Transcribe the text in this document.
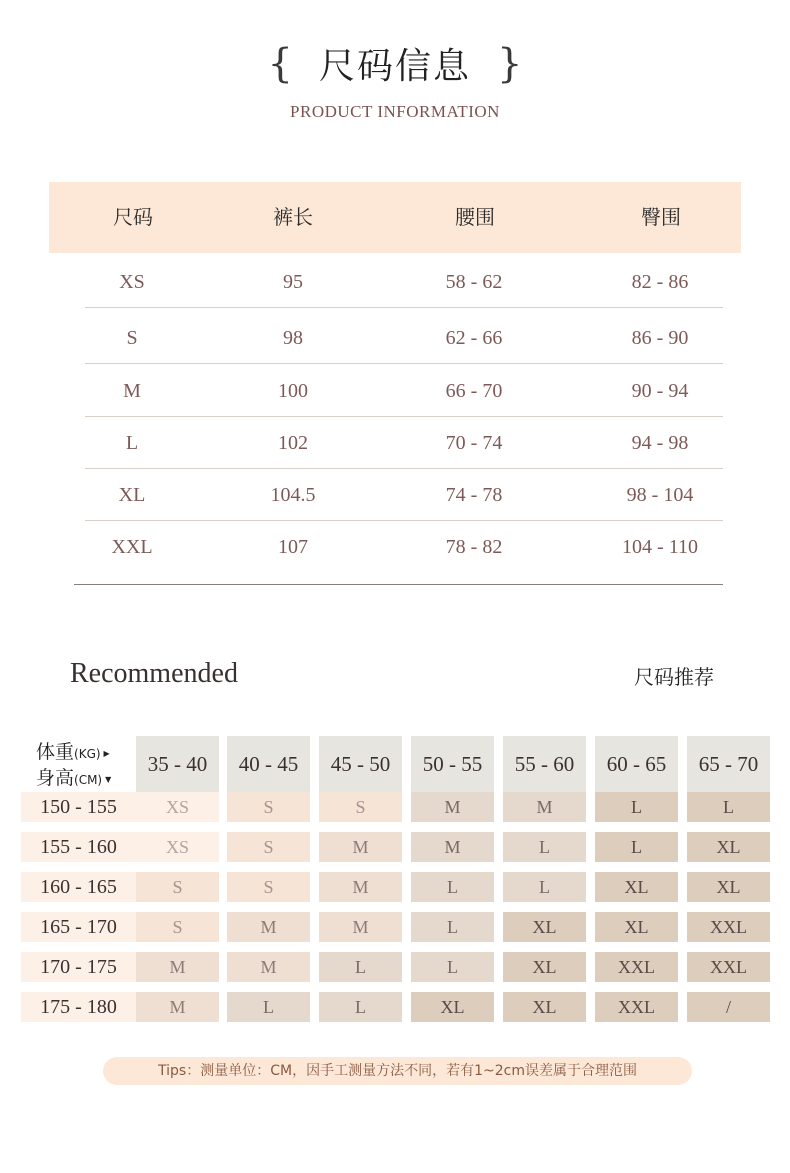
{ 尺码信息 }
PRODUCT INFORMATION
尺码	裤长	腰围	臀围
XS	95	58 - 62	82 - 86
S	98	62 - 66	86 - 90
M	100	66 - 70	90 - 94
L	102	70 - 74	94 - 98
XL	104.5	74 - 78	98 - 104
XXL	107	78 - 82	104 - 110
Recommended	尺码推荐
体重(KG) ▶
身高(CM) ▼
35 - 40	40 - 45	45 - 50	50 - 55	55 - 60	60 - 65	65 - 70
150 - 155	XS	S	S	M	M	L	L
155 - 160	XS	S	M	M	L	L	XL
160 - 165	S	S	M	L	L	XL	XL
165 - 170	S	M	M	L	XL	XL	XXL
170 - 175	M	M	L	L	XL	XXL	XXL
175 - 180	M	L	L	XL	XL	XXL	/
Tips：测量单位：CM，因手工测量方法不同，若有1~2cm误差属于合理范围
